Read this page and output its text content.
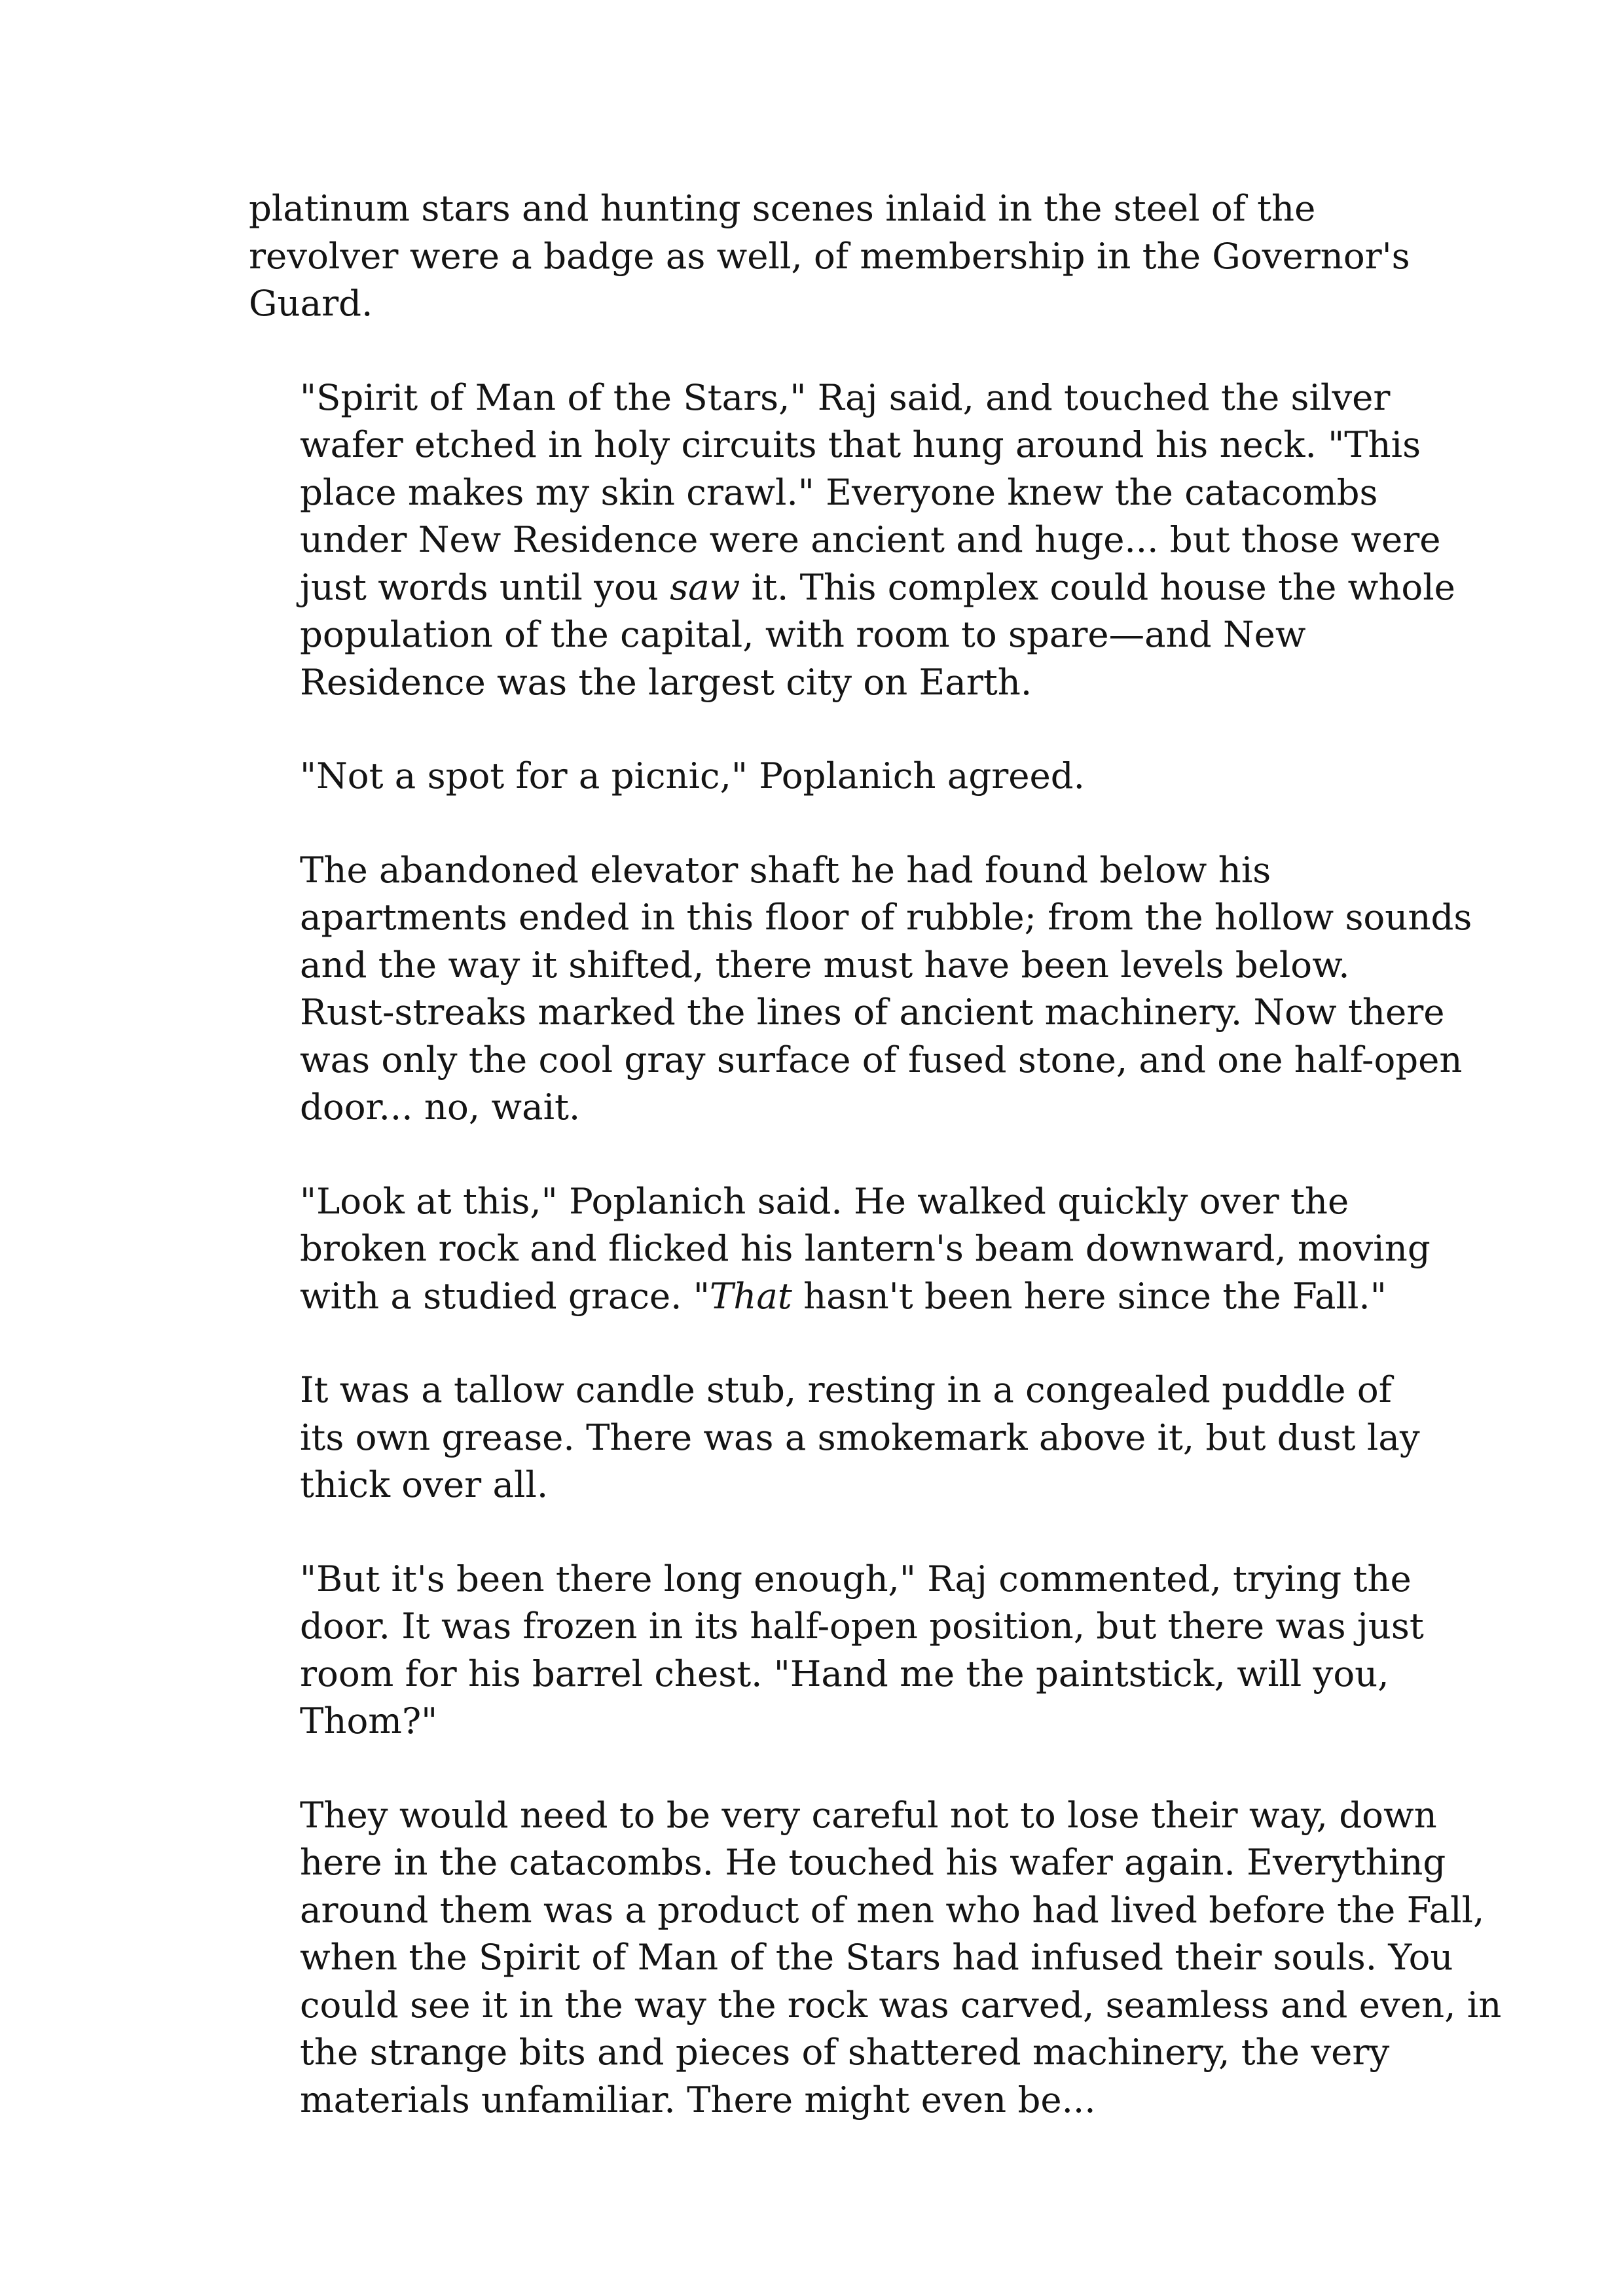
platinum stars and hunting scenes inlaid in the steel of the
revolver were a badge as well, of membership in the Governor's
Guard.

"Spirit of Man of the Stars," Raj said, and touched the silver
wafer etched in holy circuits that hung around his neck. "This
place makes my skin crawl." Everyone knew the catacombs
under New Residence were ancient and huge... but those were
just words until you saw it. This complex could house the whole
population of the capital, with room to spare—and New
Residence was the largest city on Earth.

"Not a spot for a picnic," Poplanich agreed.

The abandoned elevator shaft he had found below his
apartments ended in this floor of rubble; from the hollow sounds
and the way it shifted, there must have been levels below.
Rust-streaks marked the lines of ancient machinery. Now there
was only the cool gray surface of fused stone, and one half-open
door... no, wait.

"Look at this," Poplanich said. He walked quickly over the
broken rock and flicked his lantern's beam downward, moving
with a studied grace. "That hasn't been here since the Fall."

It was a tallow candle stub, resting in a congealed puddle of
its own grease. There was a smokemark above it, but dust lay
thick over all.

"But it's been there long enough," Raj commented, trying the
door. It was frozen in its half-open position, but there was just
room for his barrel chest. "Hand me the paintstick, will you,
Thom?"

They would need to be very careful not to lose their way, down
here in the catacombs. He touched his wafer again. Everything
around them was a product of men who had lived before the Fall,
when the Spirit of Man of the Stars had infused their souls. You
could see it in the way the rock was carved, seamless and even, in
the strange bits and pieces of shattered machinery, the very
materials unfamiliar. There might even be...
